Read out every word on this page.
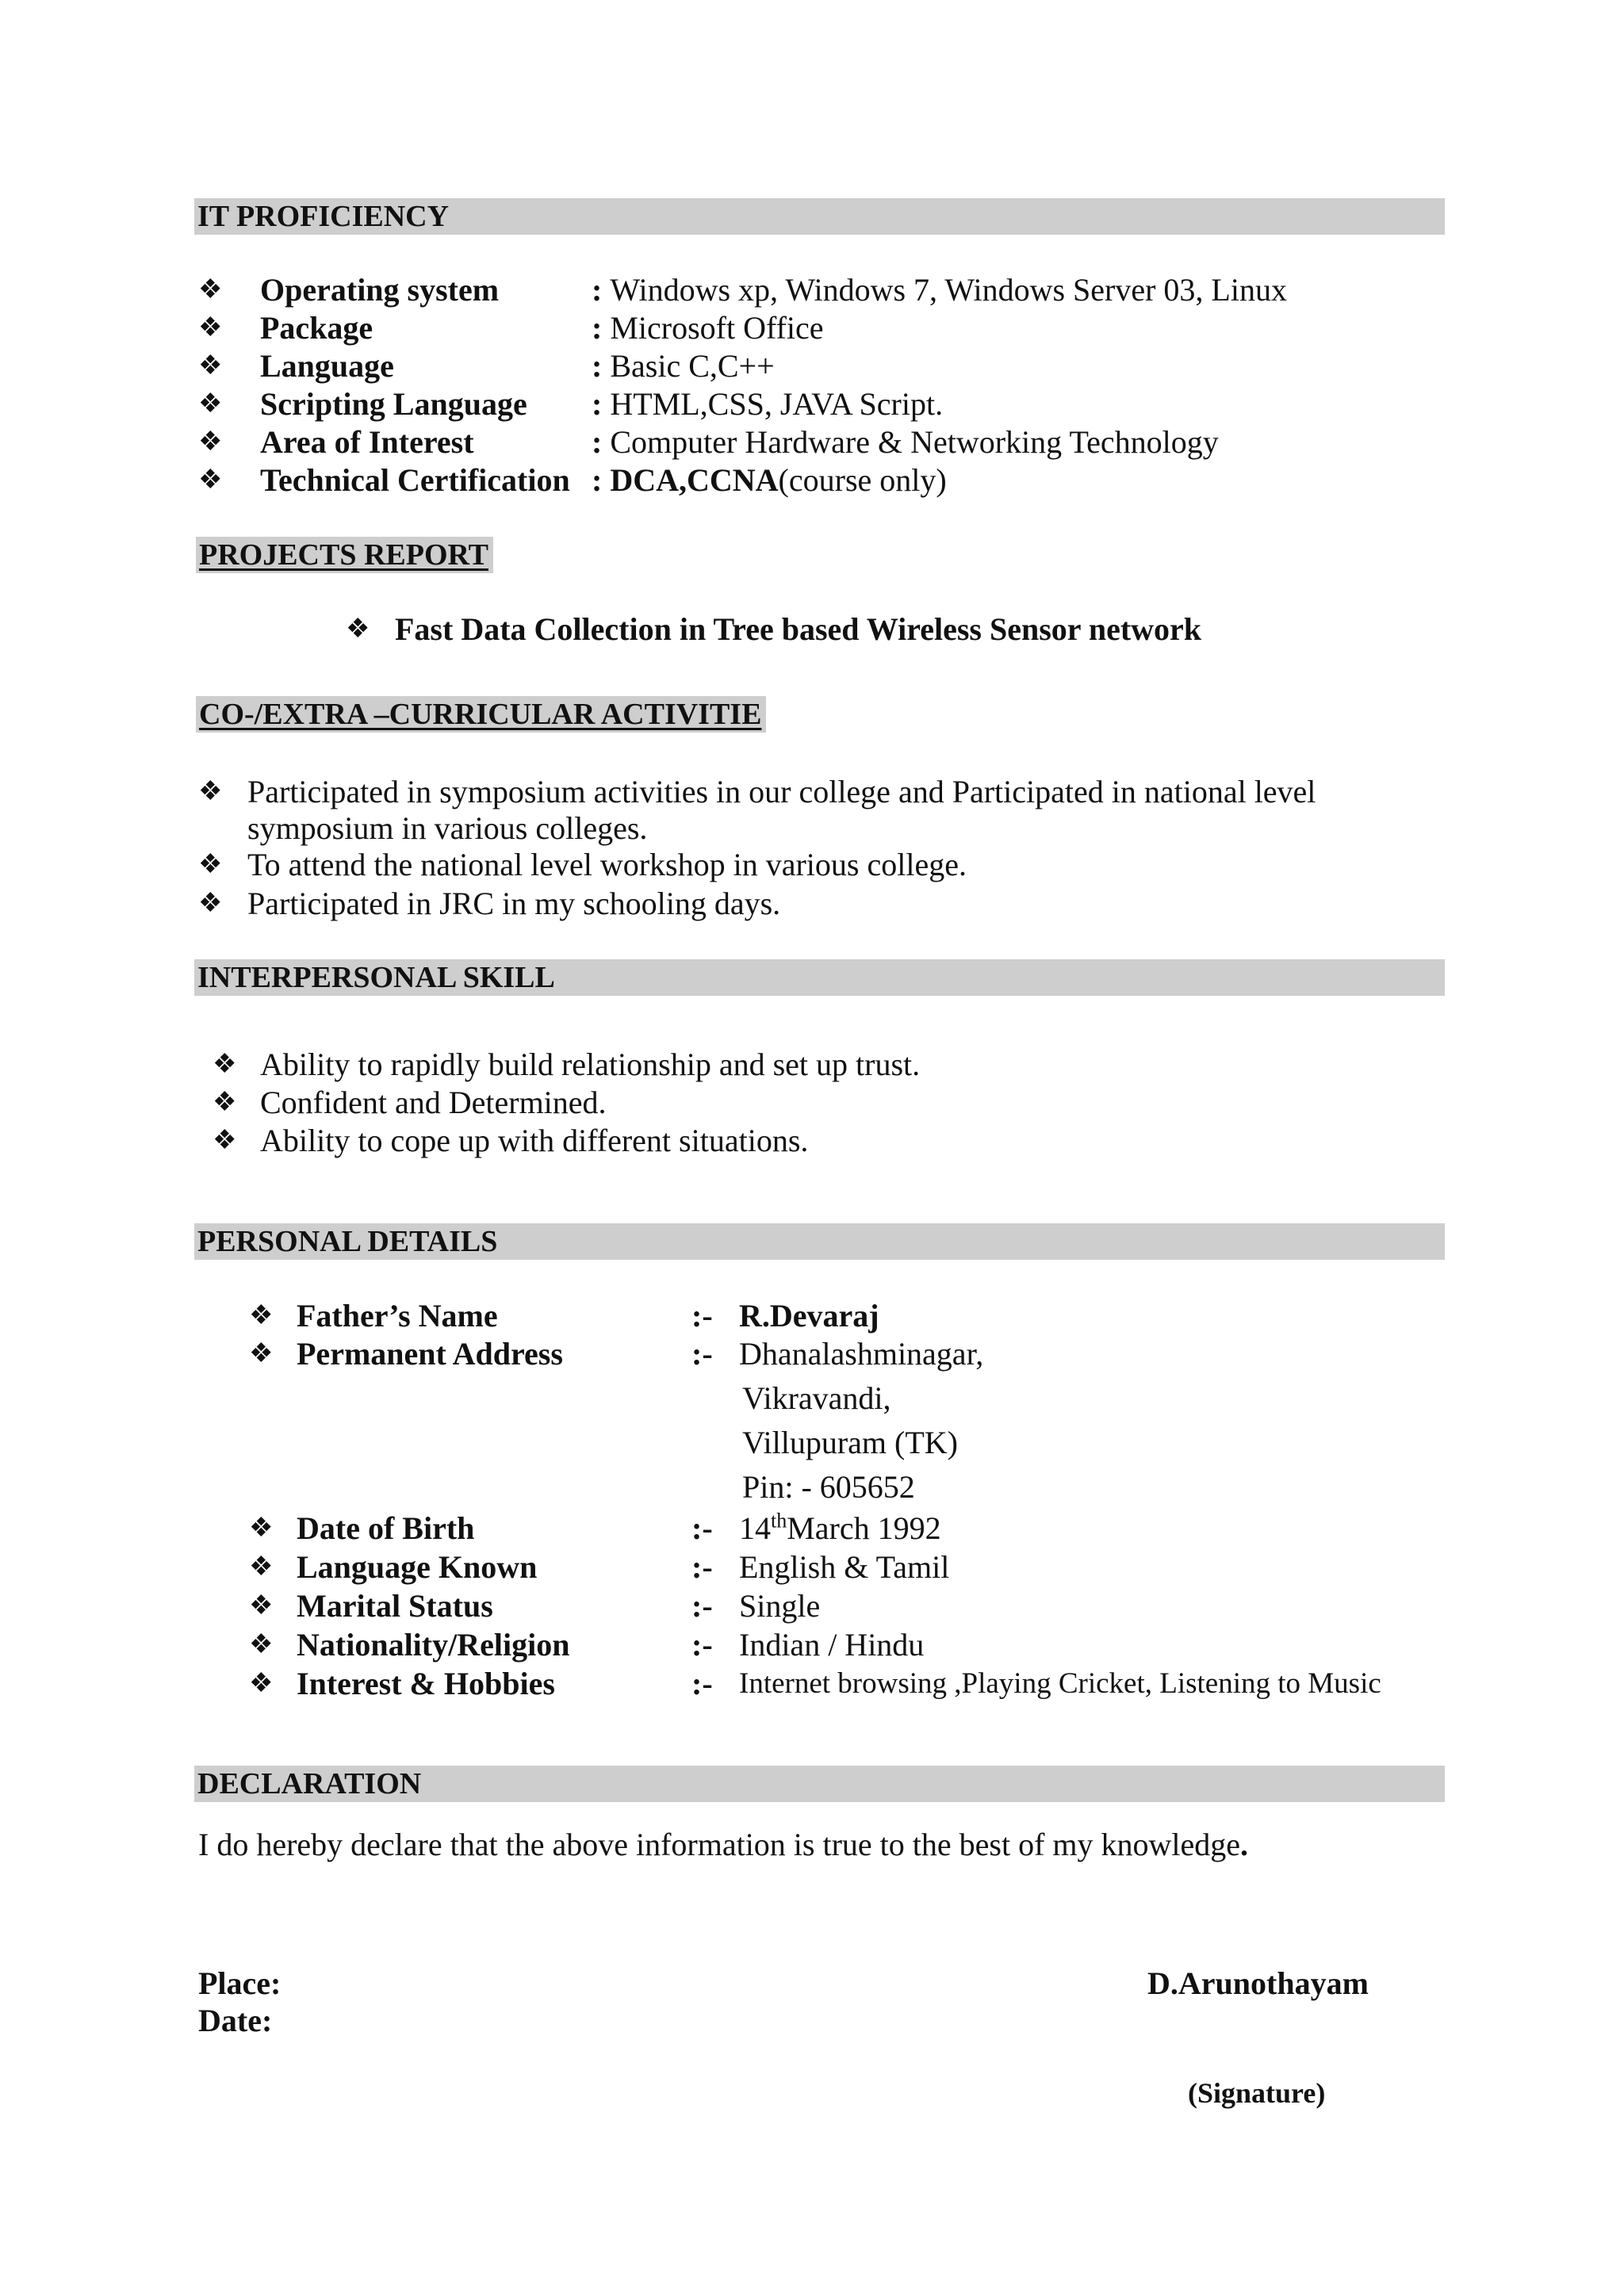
IT PROFICIENCY
❖ Operating system	: Windows xp, Windows 7, Windows Server 03, Linux
❖ Package	: Microsoft Office
❖ Language	: Basic C,C++
❖ Scripting Language : HTML,CSS, JAVA Script.
❖ Area of Interest	: Computer Hardware & Networking Technology
❖ Technical Certification : DCA,CCNA(course only)
PROJECTS REPORT
❖ Fast Data Collection in Tree based Wireless Sensor network
CO-/EXTRA –CURRICULAR ACTIVITIE
❖ Participated in symposium activities in our college and Participated in national level
symposium in various colleges.
❖ To attend the national level workshop in various college.
❖ Participated in JRC in my schooling days.
INTERPERSONAL SKILL
❖ Ability to rapidly build relationship and set up trust.
❖ Confident and Determined.
❖ Ability to cope up with different situations.
PERSONAL DETAILS
❖ Father’s Name	:- R.Devaraj
❖ Permanent Address	:- Dhanalashminagar,
Vikravandi,
Villupuram (TK)
Pin: - 605652
❖ Date of Birth	:- 14thMarch 1992
❖ Language Known	:- English & Tamil
❖ Marital Status	:- Single
❖ Nationality/Religion	:- Indian / Hindu
❖ Interest & Hobbies	:- Internet browsing ,Playing Cricket, Listening to Music
DECLARATION
I do hereby declare that the above information is true to the best of my knowledge.
Place:
Date:
D.Arunothayam
(Signature)
